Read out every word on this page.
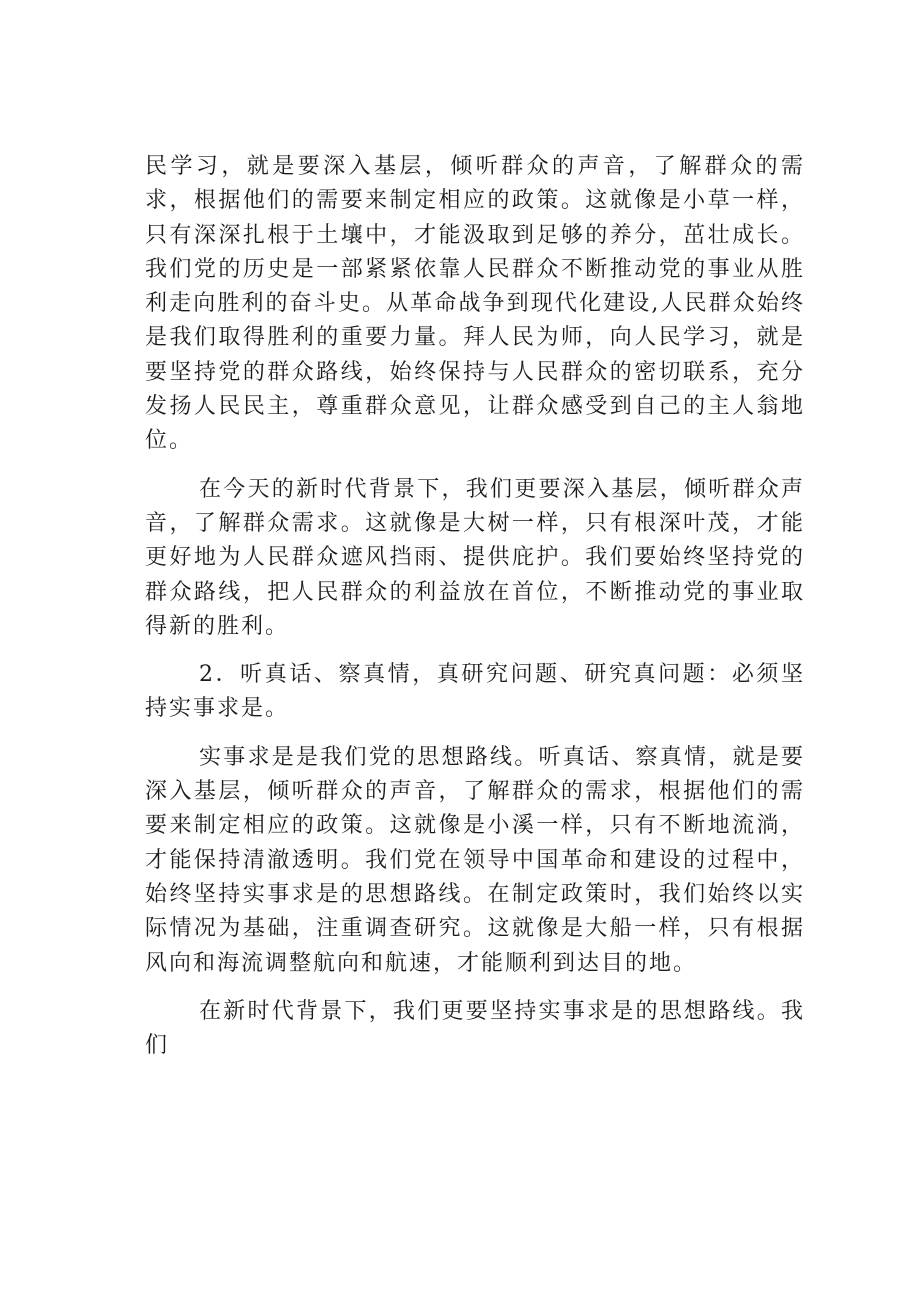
民学习，就是要深入基层，倾听群众的声音，了解群众的需求，根据他们的需要来制定相应的政策。这就像是小草一样，只有深深扎根于土壤中，才能汲取到足够的养分，茁壮成长。我们党的历史是一部紧紧依靠人民群众不断推动党的事业从胜利走向胜利的奋斗史。从革命战争到现代化建设,人民群众始终是我们取得胜利的重要力量。拜人民为师，向人民学习，就是要坚持党的群众路线，始终保持与人民群众的密切联系，充分发扬人民民主，尊重群众意见，让群众感受到自己的主人翁地位。

在今天的新时代背景下，我们更要深入基层，倾听群众声音，了解群众需求。这就像是大树一样，只有根深叶茂，才能更好地为人民群众遮风挡雨、提供庇护。我们要始终坚持党的群众路线，把人民群众的利益放在首位，不断推动党的事业取得新的胜利。

2．听真话、察真情，真研究问题、研究真问题：必须坚持实事求是。

实事求是是我们党的思想路线。听真话、察真情，就是要深入基层，倾听群众的声音，了解群众的需求，根据他们的需要来制定相应的政策。这就像是小溪一样，只有不断地流淌，才能保持清澈透明。我们党在领导中国革命和建设的过程中，始终坚持实事求是的思想路线。在制定政策时，我们始终以实际情况为基础，注重调查研究。这就像是大船一样，只有根据风向和海流调整航向和航速，才能顺利到达目的地。

在新时代背景下，我们更要坚持实事求是的思想路线。我们
